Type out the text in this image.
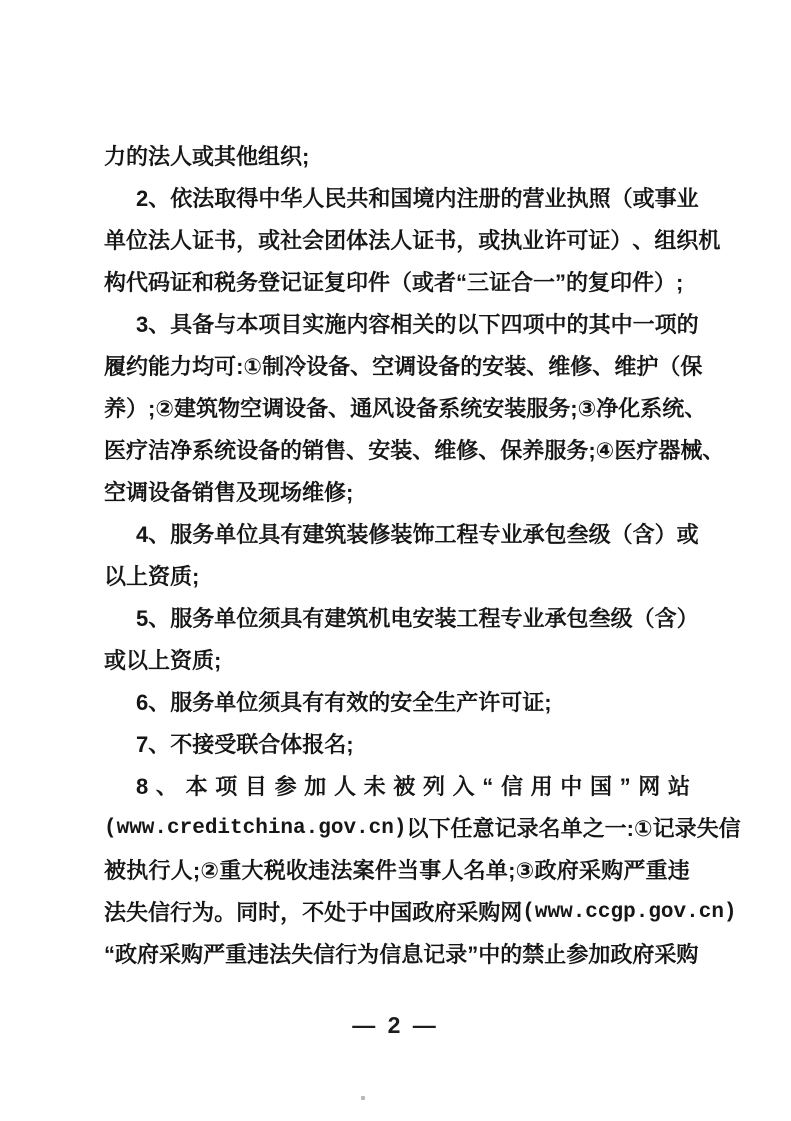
力的法人或其他组织;
2 、 依 法 取 得 中 华 人 民 共 和 国 境 内 注 册 的 营 业 执 照 （ 或 事 业
单 位 法 人 证 书 ， 或 社 会 团 体 法 人 证 书 ， 或 执 业 许 可 证 ） 、 组 织 机
构代码证和税务登记证复印件（或者“三证合一”的复印件）;
3 、 具 备 与 本 项 目 实 施 内 容 相 关 的 以 下 四 项 中 的 其 中 一 项 的
履 约 能 力 均 可 : ① 制 冷 设 备 、 空 调 设 备 的 安 装 、 维 修 、 维 护 （ 保
养 ） ; ② 建 筑 物 空 调 设 备 、 通 风 设 备 系 统 安 装 服 务 ; ③ 净 化 系 统 、
医 疗 洁 净 系 统 设 备 的 销 售 、 安 装 、 维 修 、 保 养 服 务 ; ④ 医 疗 器 械 、
空调设备销售及现场维修;
4 、 服 务 单 位 具 有 建 筑 装 修 装 饰 工 程 专 业 承 包 叁 级 （ 含 ） 或
以上资质;
5 、 服 务 单 位 须 具 有 建 筑 机 电 安 装 工 程 专 业 承 包 叁 级 （ 含 ）
或以上资质;
6、服务单位须具有有效的安全生产许可证;
7、不接受联合体报名;
8 、 本 项 目 参 加 人 未 被 列 入 “ 信 用 中 国 ” 网 站
(www.creditchina.gov.cn) 以 下 任 意 记 录 名 单 之 一 : ① 记 录 失 信
被 执 行 人 ; ② 重 大 税 收 违 法 案 件 当 事 人 名 单 ; ③ 政 府 采 购 严 重 违
法 失 信 行 为 。 同 时 ， 不 处 于 中 国 政 府 采 购 网 (www.ccgp.gov.cn)
“ 政 府 采 购 严 重 违 法 失 信 行 为 信 息 记 录 ” 中 的 禁 止 参 加 政 府 采 购
— 2 —
